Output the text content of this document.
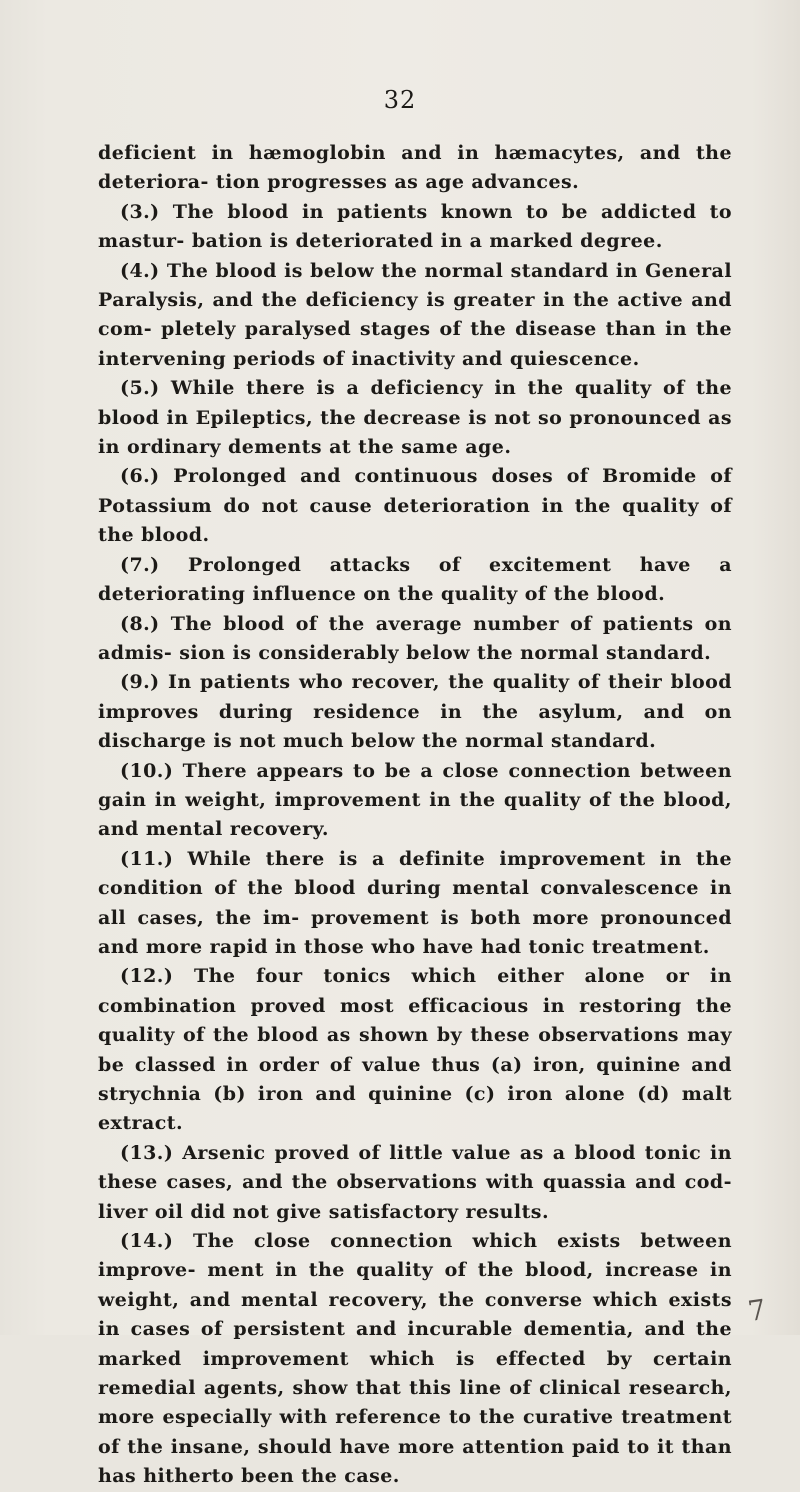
32

deficient in hæmoglobin and in hæmacytes, and the deteriora- tion progresses as age advances.

(3.) The blood in patients known to be addicted to mastur- bation is deteriorated in a marked degree.

(4.) The blood is below the normal standard in General Paralysis, and the deficiency is greater in the active and com- pletely paralysed stages of the disease than in the intervening periods of inactivity and quiescence.

(5.) While there is a deficiency in the quality of the blood in Epileptics, the decrease is not so pronounced as in ordinary dements at the same age.

(6.) Prolonged and continuous doses of Bromide of Potassium do not cause deterioration in the quality of the blood.

(7.) Prolonged attacks of excitement have a deteriorating influence on the quality of the blood.

(8.) The blood of the average number of patients on admis- sion is considerably below the normal standard.

(9.) In patients who recover, the quality of their blood improves during residence in the asylum, and on discharge is not much below the normal standard.

(10.) There appears to be a close connection between gain in weight, improvement in the quality of the blood, and mental recovery.

(11.) While there is a definite improvement in the condition of the blood during mental convalescence in all cases, the im- provement is both more pronounced and more rapid in those who have had tonic treatment.

(12.) The four tonics which either alone or in combination proved most efficacious in restoring the quality of the blood as shown by these observations may be classed in order of value thus (a) iron, quinine and strychnia (b) iron and quinine (c) iron alone (d) malt extract.

(13.) Arsenic proved of little value as a blood tonic in these cases, and the observations with quassia and cod-liver oil did not give satisfactory results.

(14.) The close connection which exists between improve- ment in the quality of the blood, increase in weight, and mental recovery, the converse which exists in cases of persistent and incurable dementia, and the marked improvement which is effected by certain remedial agents, show that this line of clinical research, more especially with reference to the curative treatment of the insane, should have more attention paid to it than has hitherto been the case.

7
